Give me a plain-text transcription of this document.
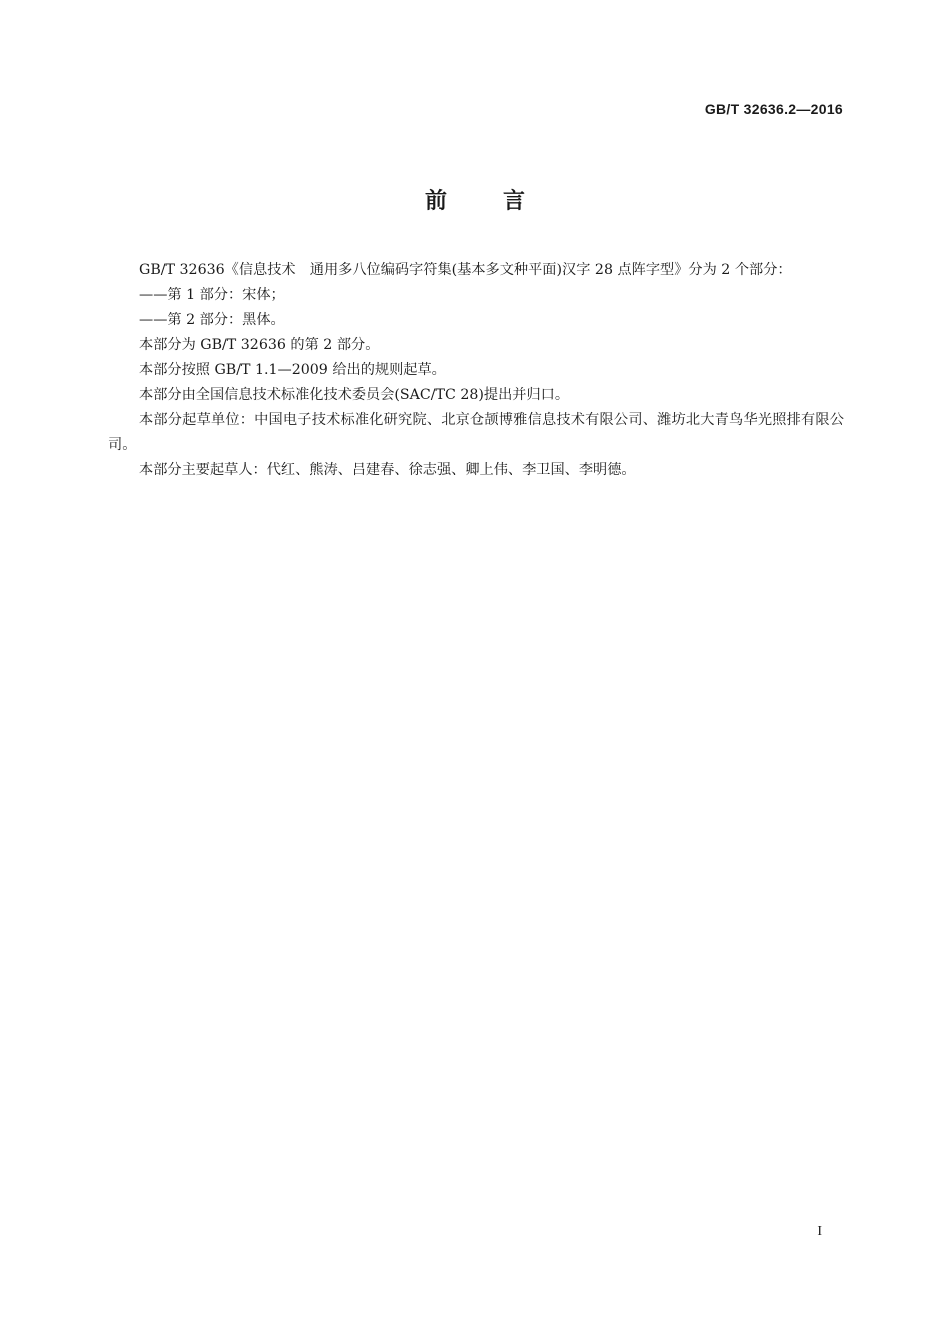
GB/T 32636.2—2016
前	言

GB/T 32636《信息技术　通用多八位编码字符集(基本多文种平面)汉字 28 点阵字型》分为 2 个部分：

——第 1 部分：宋体；

——第 2 部分：黑体。

本部分为 GB/T 32636 的第 2 部分。

本部分按照 GB/T 1.1—2009 给出的规则起草。

本部分由全国信息技术标准化技术委员会(SAC/TC 28)提出并归口。

本部分起草单位：中国电子技术标准化研究院、北京仓颉博雅信息技术有限公司、潍坊北大青鸟华光照排有限公司。

本部分主要起草人：代红、熊涛、吕建春、徐志强、卿上伟、李卫国、李明德。

I
